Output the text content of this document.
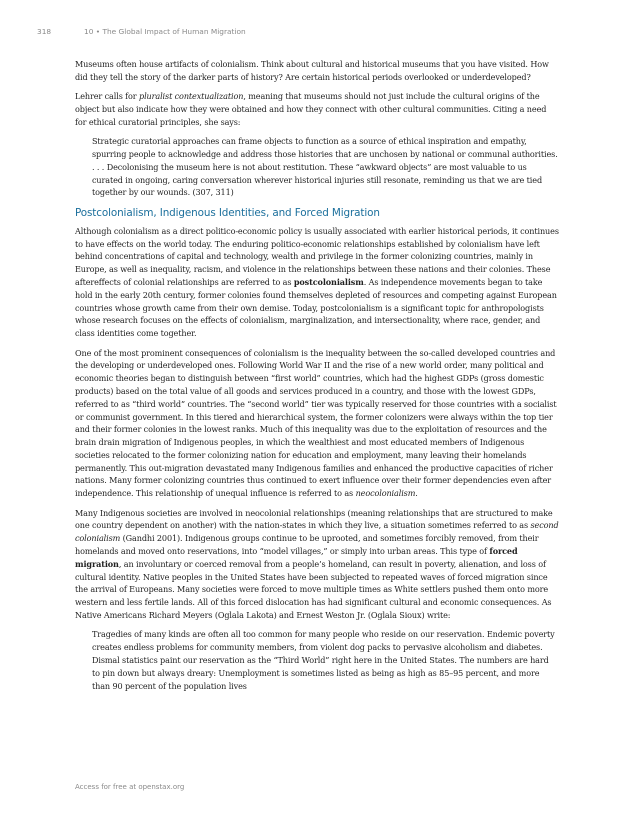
318	10 • The Global Impact of Human Migration

Museums often house artifacts of colonialism. Think about cultural and historical museums that you have visited. How did they tell the story of the darker parts of history? Are certain historical periods overlooked or underdeveloped?

Lehrer calls for pluralist contextualization, meaning that museums should not just include the cultural origins of the object but also indicate how they were obtained and how they connect with other cultural communities. Citing a need for ethical curatorial principles, she says:

Strategic curatorial approaches can frame objects to function as a source of ethical inspiration and empathy, spurring people to acknowledge and address those histories that are unchosen by national or communal authorities. . . . Decolonising the museum here is not about restitution. These “awkward objects” are most valuable to us curated in ongoing, caring conversation wherever historical injuries still resonate, reminding us that we are tied together by our wounds. (307, 311)
Postcolonialism, Indigenous Identities, and Forced Migration

Although colonialism as a direct politico-economic policy is usually associated with earlier historical periods, it continues to have effects on the world today. The enduring politico-economic relationships established by colonialism have left behind concentrations of capital and technology, wealth and privilege in the former colonizing countries, mainly in Europe, as well as inequality, racism, and violence in the relationships between these nations and their colonies. These aftereffects of colonial relationships are referred to as postcolonialism. As independence movements began to take hold in the early 20th century, former colonies found themselves depleted of resources and competing against European countries whose growth came from their own demise. Today, postcolonialism is a significant topic for anthropologists whose research focuses on the effects of colonialism, marginalization, and intersectionality, where race, gender, and class identities come together.

One of the most prominent consequences of colonialism is the inequality between the so-called developed countries and the developing or underdeveloped ones. Following World War II and the rise of a new world order, many political and economic theories began to distinguish between “first world” countries, which had the highest GDPs (gross domestic products) based on the total value of all goods and services produced in a country, and those with the lowest GDPs, referred to as “third world” countries. The “second world” tier was typically reserved for those countries with a socialist or communist government. In this tiered and hierarchical system, the former colonizers were always within the top tier and their former colonies in the lowest ranks. Much of this inequality was due to the exploitation of resources and the brain drain migration of Indigenous peoples, in which the wealthiest and most educated members of Indigenous societies relocated to the former colonizing nation for education and employment, many leaving their homelands permanently. This out-migration devastated many Indigenous families and enhanced the productive capacities of richer nations. Many former colonizing countries thus continued to exert influence over their former dependencies even after independence. This relationship of unequal influence is referred to as neocolonialism.

Many Indigenous societies are involved in neocolonial relationships (meaning relationships that are structured to make one country dependent on another) with the nation-states in which they live, a situation sometimes referred to as second colonialism (Gandhi 2001). Indigenous groups continue to be uprooted, and sometimes forcibly removed, from their homelands and moved onto reservations, into “model villages,” or simply into urban areas. This type of forced migration, an involuntary or coerced removal from a people’s homeland, can result in poverty, alienation, and loss of cultural identity. Native peoples in the United States have been subjected to repeated waves of forced migration since the arrival of Europeans. Many societies were forced to move multiple times as White settlers pushed them onto more western and less fertile lands. All of this forced dislocation has had significant cultural and economic consequences. As Native Americans Richard Meyers (Oglala Lakota) and Ernest Weston Jr. (Oglala Sioux) write:

Tragedies of many kinds are often all too common for many people who reside on our reservation. Endemic poverty creates endless problems for community members, from violent dog packs to pervasive alcoholism and diabetes. Dismal statistics paint our reservation as the “Third World” right here in the United States. The numbers are hard to pin down but always dreary: Unemployment is sometimes listed as being as high as 85–95 percent, and more than 90 percent of the population lives
Access for free at openstax.org
